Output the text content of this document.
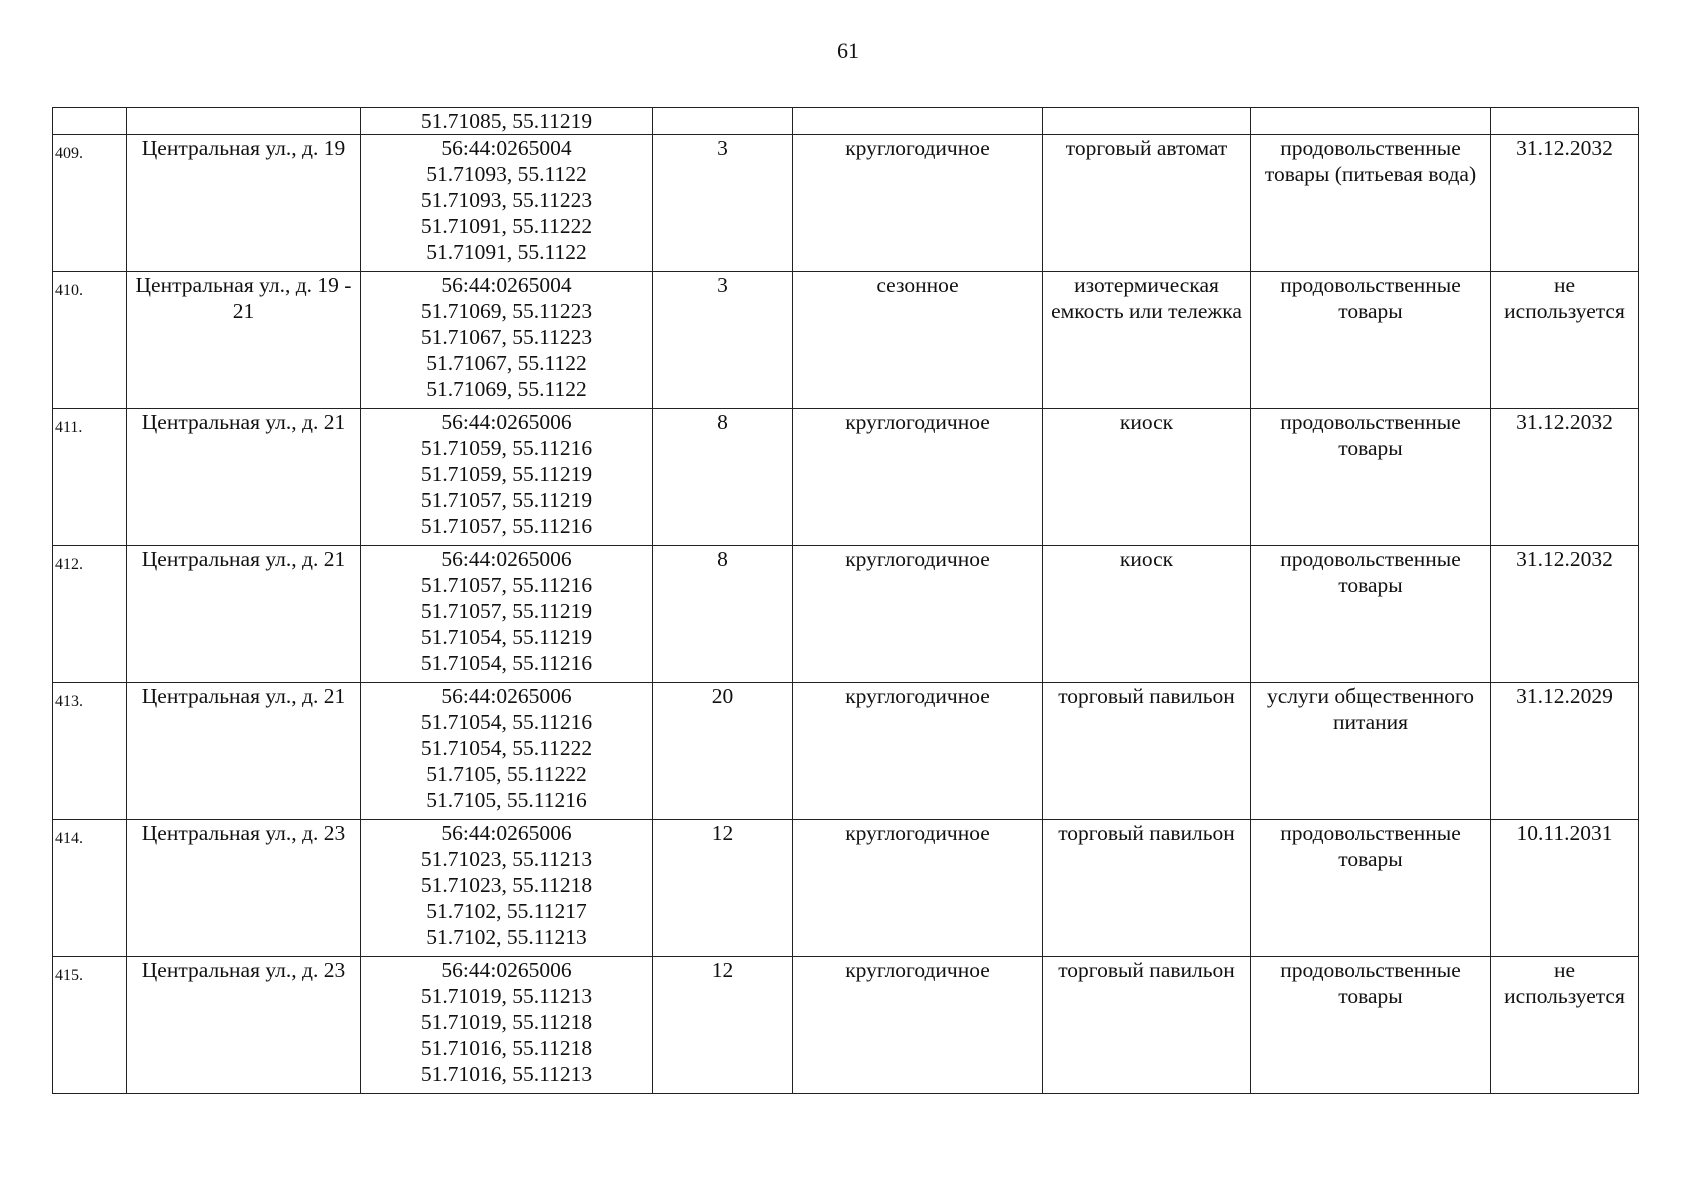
61
		51.71085, 55.11219					
409.	Центральная ул., д. 19	56:44:0265004
51.71093, 55.1122
51.71093, 55.11223
51.71091, 55.11222
51.71091, 55.1122	3	круглогодичное	торговый автомат	продовольственные товары (питьевая вода)	31.12.2032
410.	Центральная ул., д. 19 - 21	56:44:0265004
51.71069, 55.11223
51.71067, 55.11223
51.71067, 55.1122
51.71069, 55.1122	3	сезонное	изотермическая емкость или тележка	продовольственные товары	не используется
411.	Центральная ул., д. 21	56:44:0265006
51.71059, 55.11216
51.71059, 55.11219
51.71057, 55.11219
51.71057, 55.11216	8	круглогодичное	киоск	продовольственные товары	31.12.2032
412.	Центральная ул., д. 21	56:44:0265006
51.71057, 55.11216
51.71057, 55.11219
51.71054, 55.11219
51.71054, 55.11216	8	круглогодичное	киоск	продовольственные товары	31.12.2032
413.	Центральная ул., д. 21	56:44:0265006
51.71054, 55.11216
51.71054, 55.11222
51.7105, 55.11222
51.7105, 55.11216	20	круглогодичное	торговый павильон	услуги общественного питания	31.12.2029
414.	Центральная ул., д. 23	56:44:0265006
51.71023, 55.11213
51.71023, 55.11218
51.7102, 55.11217
51.7102, 55.11213	12	круглогодичное	торговый павильон	продовольственные товары	10.11.2031
415.	Центральная ул., д. 23	56:44:0265006
51.71019, 55.11213
51.71019, 55.11218
51.71016, 55.11218
51.71016, 55.11213	12	круглогодичное	торговый павильон	продовольственные товары	не используется
